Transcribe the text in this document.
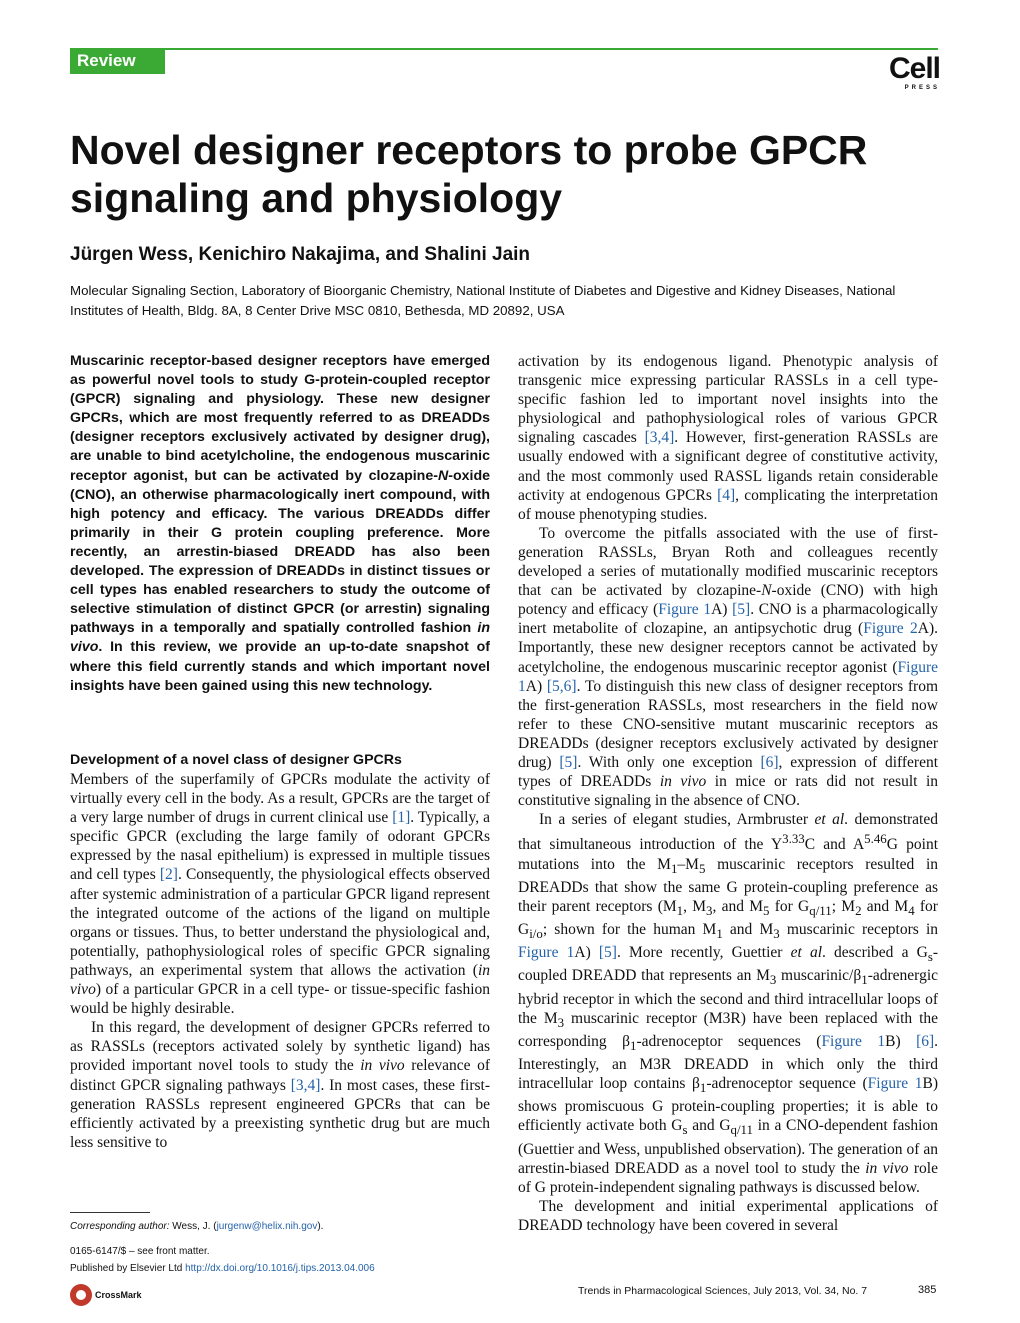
Review	Cell
PRESS
Novel designer receptors to probe GPCR signaling and physiology
Jürgen Wess, Kenichiro Nakajima, and Shalini Jain
Molecular Signaling Section, Laboratory of Bioorganic Chemistry, National Institute of Diabetes and Digestive and Kidney Diseases, National Institutes of Health, Bldg. 8A, 8 Center Drive MSC 0810, Bethesda, MD 20892, USA
Muscarinic receptor-based designer receptors have emerged as powerful novel tools to study G-protein-coupled receptor (GPCR) signaling and physiology. These new designer GPCRs, which are most frequently referred to as DREADDs (designer receptors exclusively activated by designer drug), are unable to bind acetylcholine, the endogenous muscarinic receptor agonist, but can be activated by clozapine-N-oxide (CNO), an otherwise pharmacologically inert compound, with high potency and efficacy. The various DREADDs differ primarily in their G protein coupling preference. More recently, an arrestin-biased DREADD has also been developed. The expression of DREADDs in distinct tissues or cell types has enabled researchers to study the outcome of selective stimulation of distinct GPCR (or arrestin) signaling pathways in a temporally and spatially controlled fashion in vivo. In this review, we provide an up-to-date snapshot of where this field currently stands and which important novel insights have been gained using this new technology.
Development of a novel class of designer GPCRs

Members of the superfamily of GPCRs modulate the activity of virtually every cell in the body. As a result, GPCRs are the target of a very large number of drugs in current clinical use [1]. Typically, a specific GPCR (excluding the large family of odorant GPCRs expressed by the nasal epithelium) is expressed in multiple tissues and cell types [2]. Consequently, the physiological effects observed after systemic administration of a particular GPCR ligand represent the integrated outcome of the actions of the ligand on multiple organs or tissues. Thus, to better understand the physiological and, potentially, pathophysiological roles of specific GPCR signaling pathways, an experimental system that allows the activation (in vivo) of a particular GPCR in a cell type- or tissue-specific fashion would be highly desirable.

In this regard, the development of designer GPCRs referred to as RASSLs (receptors activated solely by synthetic ligand) has provided important novel tools to study the in vivo relevance of distinct GPCR signaling pathways [3,4]. In most cases, these first-generation RASSLs represent engineered GPCRs that can be efficiently activated by a preexisting synthetic drug but are much less sensitive to

activation by its endogenous ligand. Phenotypic analysis of transgenic mice expressing particular RASSLs in a cell type-specific fashion led to important novel insights into the physiological and pathophysiological roles of various GPCR signaling cascades [3,4]. However, first-generation RASSLs are usually endowed with a significant degree of constitutive activity, and the most commonly used RASSL ligands retain considerable activity at endogenous GPCRs [4], complicating the interpretation of mouse phenotyping studies.

To overcome the pitfalls associated with the use of first-generation RASSLs, Bryan Roth and colleagues recently developed a series of mutationally modified muscarinic receptors that can be activated by clozapine-N-oxide (CNO) with high potency and efficacy (Figure 1A) [5]. CNO is a pharmacologically inert metabolite of clozapine, an antipsychotic drug (Figure 2A). Importantly, these new designer receptors cannot be activated by acetylcholine, the endogenous muscarinic receptor agonist (Figure 1A) [5,6]. To distinguish this new class of designer receptors from the first-generation RASSLs, most researchers in the field now refer to these CNO-sensitive mutant muscarinic receptors as DREADDs (designer receptors exclusively activated by designer drug) [5]. With only one exception [6], expression of different types of DREADDs in vivo in mice or rats did not result in constitutive signaling in the absence of CNO.

In a series of elegant studies, Armbruster et al. demonstrated that simultaneous introduction of the $Y^{3.33}C$ and $A^{5.46}G$ point mutations into the $M_1-M_5$ muscarinic receptors resulted in DREADDs that show the same G protein-coupling preference as their parent receptors ($M_1$, $M_3$, and $M_5$ for $G_{q/11}$; $M_2$ and $M_4$ for $G_{i/o}$; shown for the human $M_1$ and $M_3$ muscarinic receptors in Figure 1A) [5]. More recently, Guettier et al. described a $G_s$-coupled DREADD that represents an $M_3$ muscarinic/$\beta_1$-adrenergic hybrid receptor in which the second and third intracellular loops of the $M_3$ muscarinic receptor (M3R) have been replaced with the corresponding $\beta_1$-adrenoceptor sequences (Figure 1B) [6]. Interestingly, an M3R DREADD in which only the third intracellular loop contains $\beta_1$-adrenoceptor sequence (Figure 1B) shows promiscuous G protein-coupling properties; it is able to efficiently activate both $G_s$ and $G_{q/11}$ in a CNO-dependent fashion (Guettier and Wess, unpublished observation). The generation of an arrestin-biased DREADD as a novel tool to study the in vivo role of G protein-independent signaling pathways is discussed below.

The development and initial experimental applications of DREADD technology have been covered in several

Corresponding author: Wess, J. (jurgenw@helix.nih.gov).
0165-6147/$ – see front matter.
Published by Elsevier Ltd http://dx.doi.org/10.1016/j.tips.2013.04.006
CrossMark	Trends in Pharmacological Sciences, July 2013, Vol. 34, No. 7	385
